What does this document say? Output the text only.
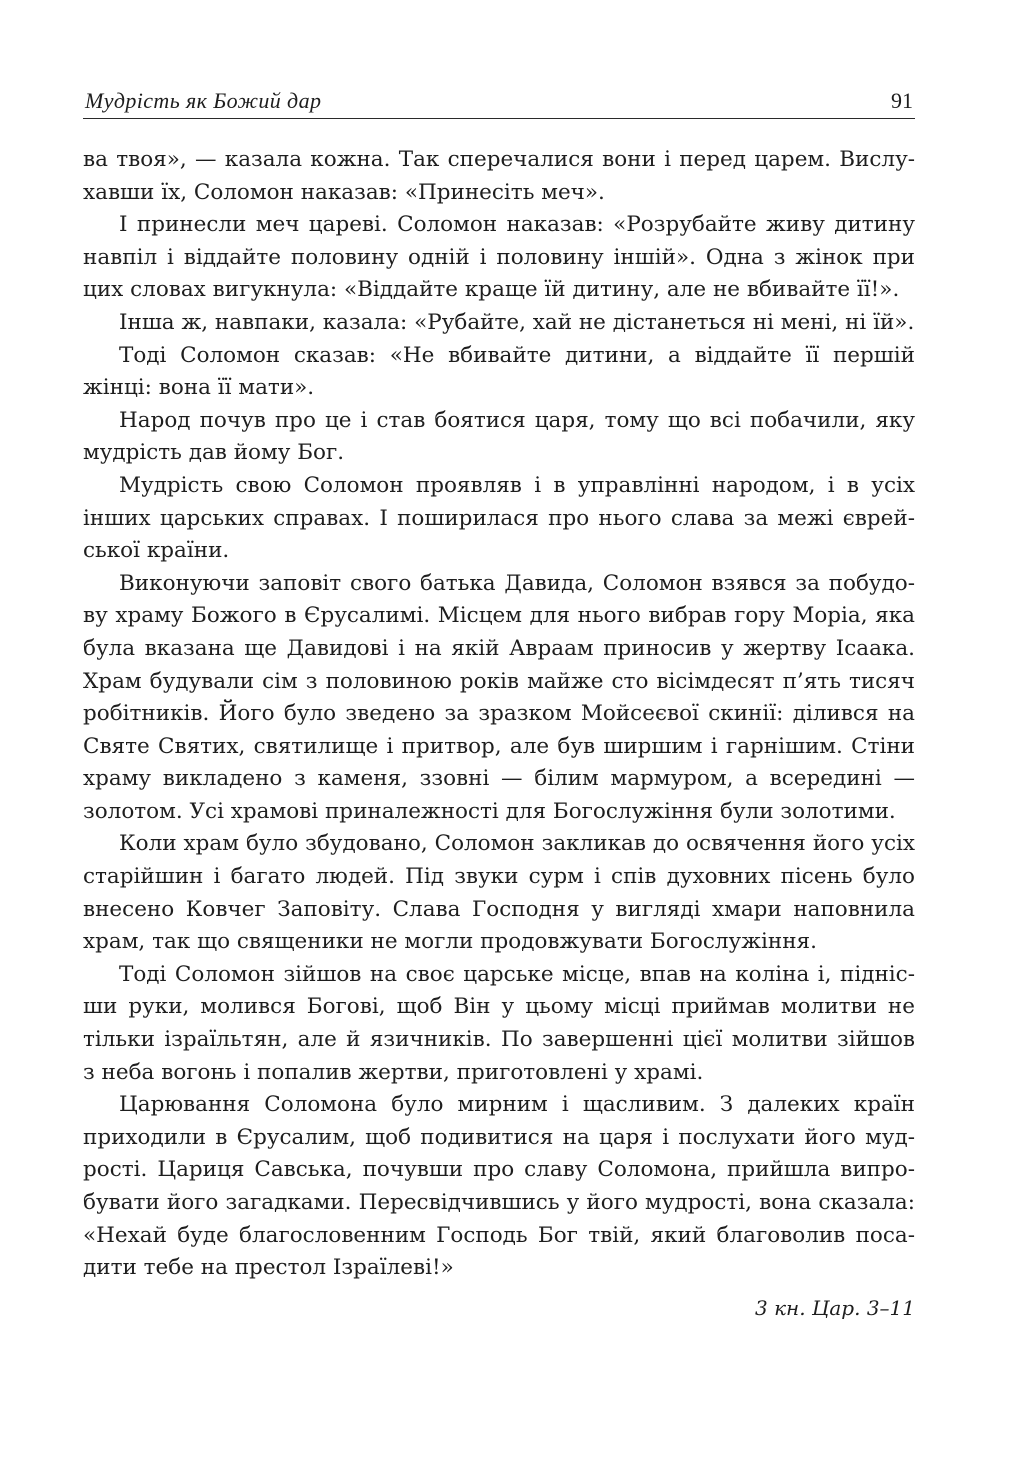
Мудрість як Божий дар	91

ва твоя», — казала кожна. Так сперечалися вони і перед царем. Вислу-
хавши їх, Соломон наказав: «Принесіть меч».

І принесли меч цареві. Соломон наказав: «Розрубайте живу дитину
навпіл і віддайте половину одній і половину іншій». Одна з жінок при
цих словах вигукнула: «Віддайте краще їй дитину, але не вбивайте її!».

Інша ж, навпаки, казала: «Рубайте, хай не дістанеться ні мені, ні їй».

Тоді Соломон сказав: «Не вбивайте дитини, а віддайте її першій
жінці: вона її мати».

Народ почув про це і став боятися царя, тому що всі побачили, яку
мудрість дав йому Бог.

Мудрість свою Соломон проявляв і в управлінні народом, і в усіх
інших царських справах. І поширилася про нього слава за межі єврей-
ської країни.

Виконуючи заповіт свого батька Давида, Соломон взявся за побудо-
ву храму Божого в Єрусалимі. Місцем для нього вибрав гору Моріа, яка
була вказана ще Давидові і на якій Авраам приносив у жертву Ісаака.
Храм будували сім з половиною років майже сто вісімдесят п’ять тисяч
робітників. Його було зведено за зразком Мойсеєвої скинії: ділився на
Святе Святих, святилище і притвор, але був ширшим і гарнішим. Стіни
храму викладено з каменя, ззовні — білим мармуром, а всередині —
золотом. Усі храмові приналежності для Богослужіння були золотими.

Коли храм було збудовано, Соломон закликав до освячення його усіх
старійшин і багато людей. Під звуки сурм і спів духовних пісень було
внесено Ковчег Заповіту. Слава Господня у вигляді хмари наповнила
храм, так що священики не могли продовжувати Богослужіння.

Тоді Соломон зійшов на своє царське місце, впав на коліна і, підніс-
ши руки, молився Богові, щоб Він у цьому місці приймав молитви не
тільки ізраїльтян, але й язичників. По завершенні цієї молитви зійшов
з неба вогонь і попалив жертви, приготовлені у храмі.

Царювання Соломона було мирним і щасливим. З далеких країн
приходили в Єрусалим, щоб подивитися на царя і послухати його муд-
рості. Цариця Савська, почувши про славу Соломона, прийшла випро-
бувати його загадками. Пересвідчившись у його мудрості, вона сказала:
«Нехай буде благословенним Господь Бог твій, який благоволив поса-
дити тебе на престол Ізраїлеві!»

3 кн. Цар. 3–11
